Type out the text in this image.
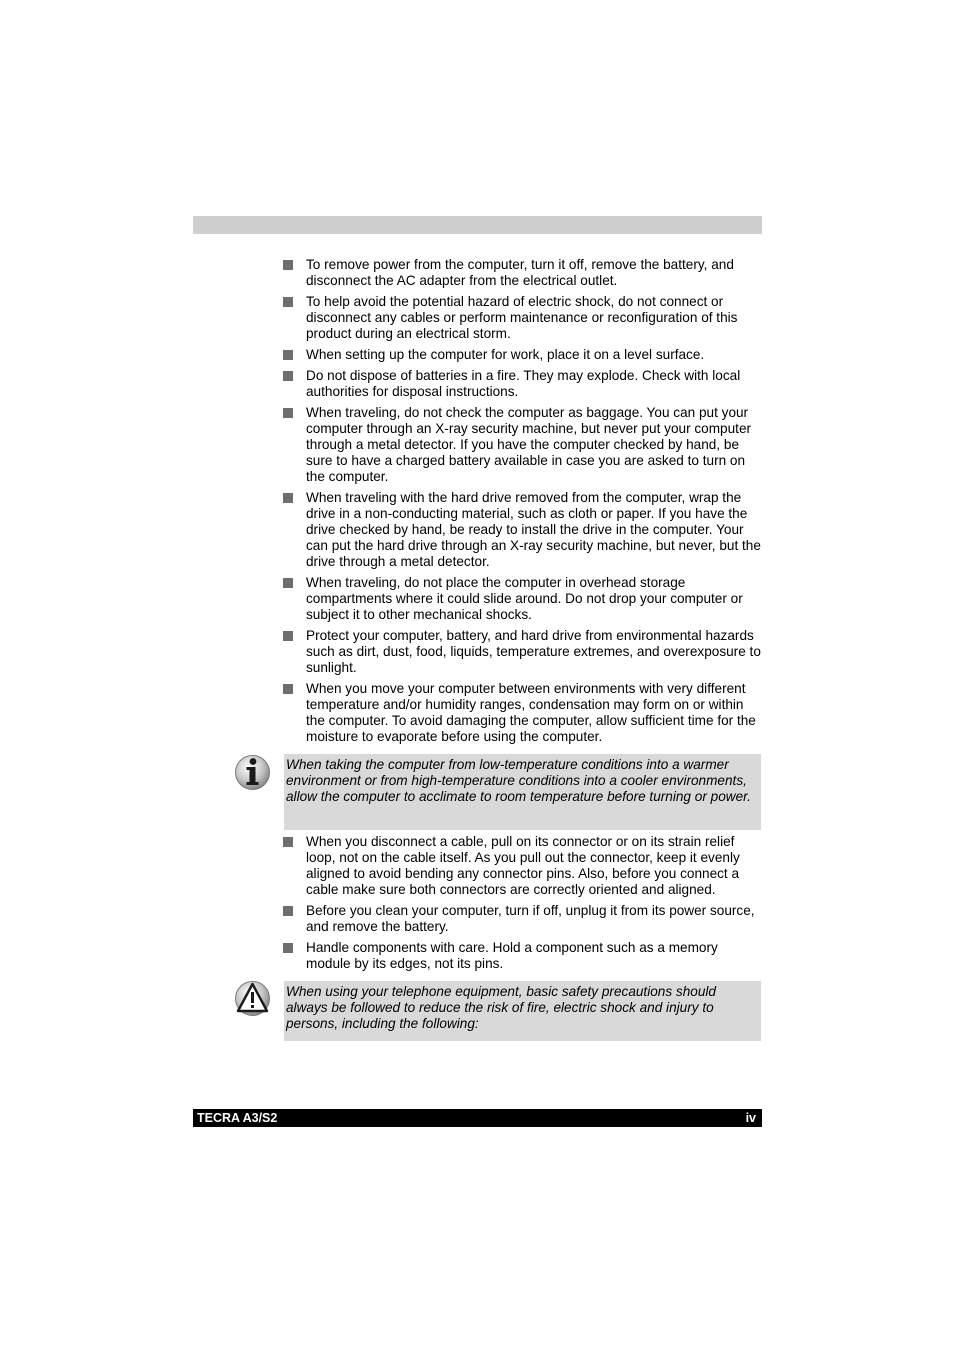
To remove power from the computer, turn it off, remove the battery, and disconnect the AC adapter from the electrical outlet.
To help avoid the potential hazard of electric shock, do not connect or disconnect any cables or perform maintenance or reconfiguration of this product during an electrical storm.
When setting up the computer for work, place it on a level surface.
Do not dispose of batteries in a fire. They may explode. Check with local authorities for disposal instructions.
When traveling, do not check the computer as baggage. You can put your computer through an X-ray security machine, but never put your computer through a metal detector. If you have the computer checked by hand, be sure to have a charged battery available in case you are asked to turn on the computer.
When traveling with the hard drive removed from the computer, wrap the drive in a non-conducting material, such as cloth or paper. If you have the drive checked by hand, be ready to install the drive in the computer. Your can put the hard drive through an X-ray security machine, but never, but the drive through a metal detector.
When traveling, do not place the computer in overhead storage compartments where it could slide around. Do not drop your computer or subject it to other mechanical shocks.
Protect your computer, battery, and hard drive from environmental hazards such as dirt, dust, food, liquids, temperature extremes, and overexposure to sunlight.
When you move your computer between environments with very different temperature and/or humidity ranges, condensation may form on or within the computer. To avoid damaging the computer, allow sufficient time for the moisture to evaporate before using the computer.
When taking the computer from low-temperature conditions into a warmer environment or from high-temperature conditions into a cooler environments, allow the computer to acclimate to room temperature before turning or power.
When you disconnect a cable, pull on its connector or on its strain relief loop, not on the cable itself. As you pull out the connector, keep it evenly aligned to avoid bending any connector pins. Also, before you connect a cable make sure both connectors are correctly oriented and aligned.
Before you clean your computer, turn if off, unplug it from its power source, and remove the battery.
Handle components with care. Hold a component such as a memory module by its edges, not its pins.
When using your telephone equipment, basic safety precautions should always be followed to reduce the risk of fire, electric shock and injury to persons, including the following:
TECRA A3/S2	iv
